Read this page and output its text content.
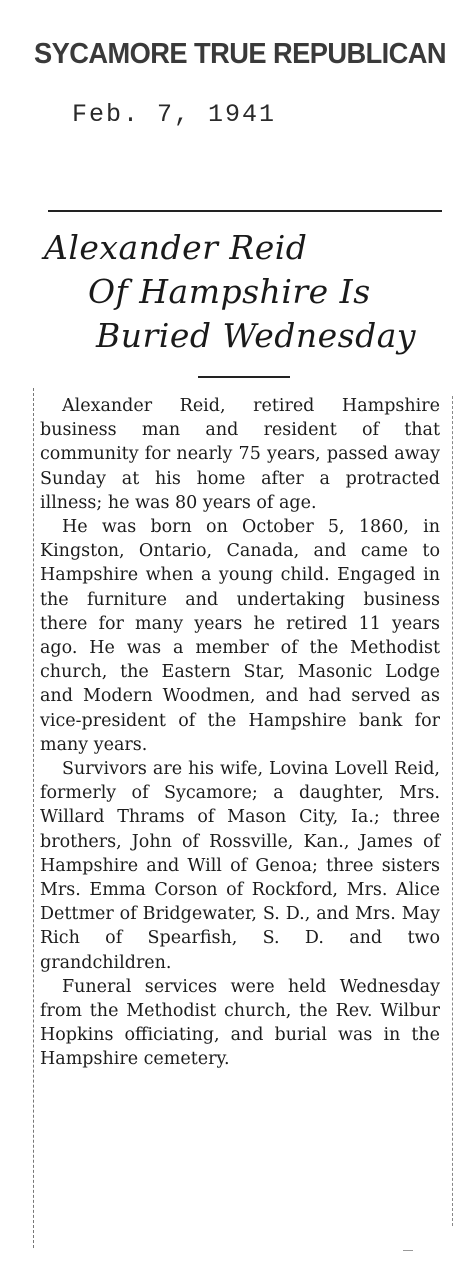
SYCAMORE TRUE REPUBLICAN
Feb. 7, 1941
Alexander Reid
Of Hampshire Is
Buried Wednesday

Alexander Reid, retired Hampshire business man and resident of that community for nearly 75 years, passed away Sunday at his home after a protracted illness; he was 80 years of age.

He was born on October 5, 1860, in Kingston, Ontario, Canada, and came to Hampshire when a young child. Engaged in the furniture and undertaking business there for many years he retired 11 years ago. He was a member of the Methodist church, the Eastern Star, Masonic Lodge and Modern Woodmen, and had served as vice-president of the Hampshire bank for many years.

Survivors are his wife, Lovina Lovell Reid, formerly of Sycamore; a daughter, Mrs. Willard Thrams of Mason City, Ia.; three brothers, John of Rossville, Kan., James of Hampshire and Will of Genoa; three sisters Mrs. Emma Corson of Rockford, Mrs. Alice Dettmer of Bridgewater, S. D., and Mrs. May Rich of Spearfish, S. D. and two grandchildren.

Funeral services were held Wednesday from the Methodist church, the Rev. Wilbur Hopkins officiating, and burial was in the Hampshire cemetery.
